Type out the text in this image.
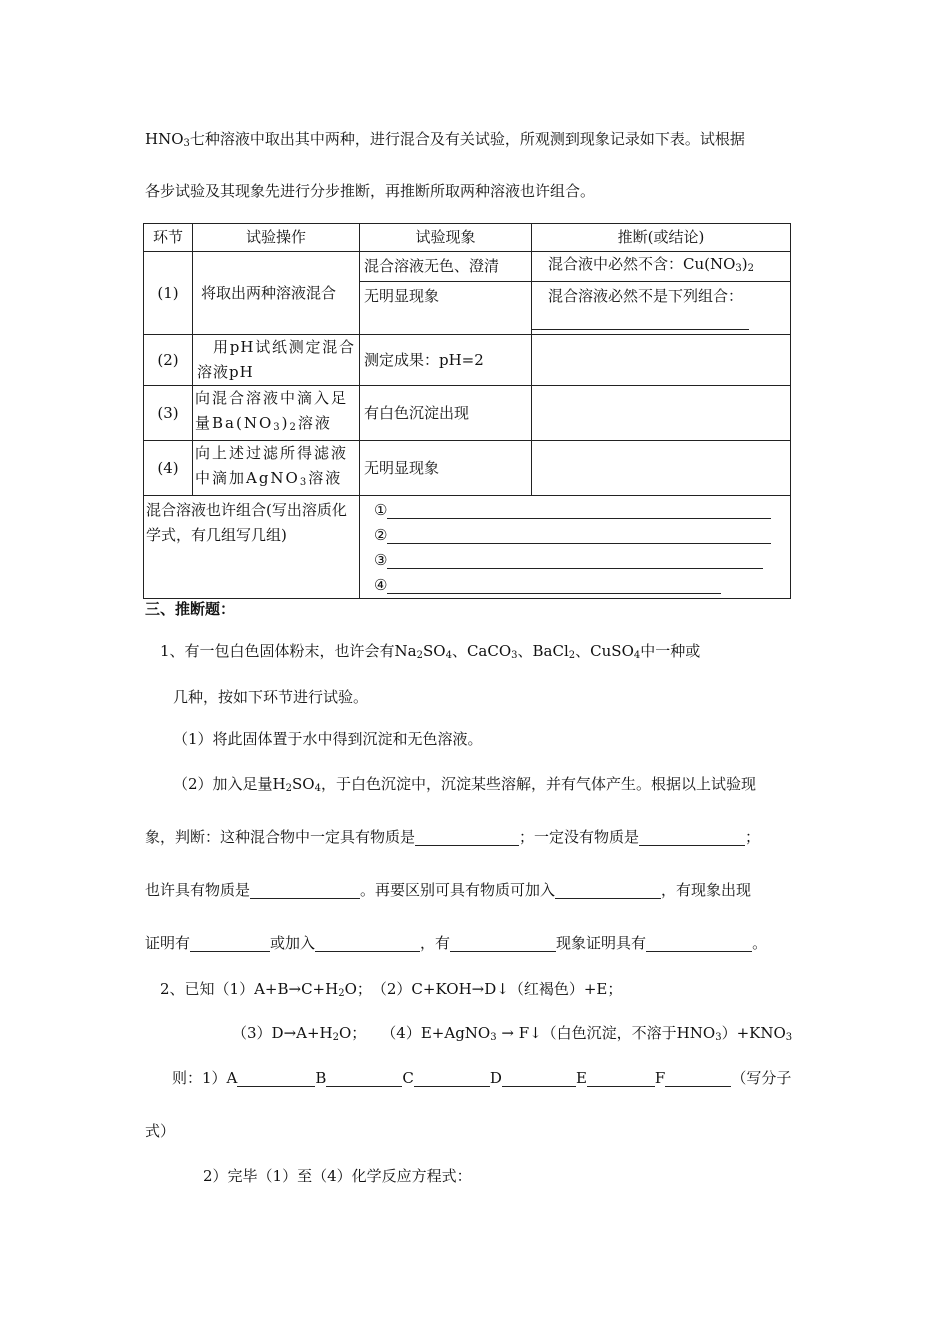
$HNO_3$七种溶液中取出其中两种，进行混合及有关试验，所观测到现象记录如下表。试根据
各步试验及其现象先进行分步推断，再推断所取两种溶液也许组合。
环节	试验操作	试验现象	推断(或结论)
(1)	将取出两种溶液混合	混合溶液无色、澄清	混合液中必然不含：$Cu(NO_3)_2$
		无明显现象	混合溶液必然不是下列组合：

(2)	用pH试纸测定混合溶液pH	测定成果：pH=2	
(3)	向混合溶液中滴入足量$Ba(NO_3)_2$溶液	有白色沉淀出现	
(4)	向上述过滤所得滤液中滴加AgNO$_3$溶液	无明显现象	
混合溶液也许组合(写出溶质化学式，有几组写几组)		①
②
③
④	
三、推断题：
1、有一包白色固体粉末，也许会有$Na_2SO_4$、CaCO$_3$、BaCl$_2$、CuSO$_4$中一种或
几种，按如下环节进行试验。
（1）将此固体置于水中得到沉淀和无色溶液。
（2）加入足量$H_2SO_4$，于白色沉淀中，沉淀某些溶解，并有气体产生。根据以上试验现
象，判断：这种混合物中一定具有物质是	；一定没有物质是	；
也许具有物质是	。再要区别可具有物质可加入	，有现象出现
证明有	或加入	，有	现象证明具有	。
2、已知$(1)A+B\to C+H_2O$；　（2）C+KOH→D↓（红褐色）+E；
$(3)D\to A+H_2O$；　　（4）E+AgNO$_3$ → F↓（白色沉淀，不溶于$HNO_3)+KNO_3$
则：1）A	B	C	D	E	F	（写分子
式）
2）完毕（1）至（4）化学反应方程式：
